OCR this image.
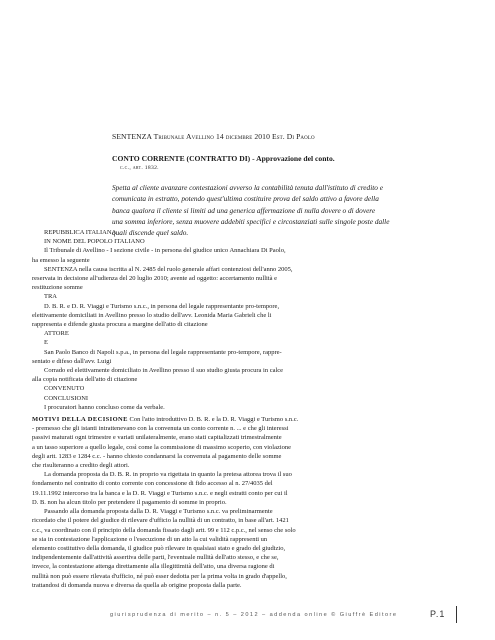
SENTENZA Tribunale Avellino 14 dicembre 2010 Est. Di Paolo
CONTO CORRENTE (CONTRATTO DI) - Approvazione del conto.
c.c., art. 1832.
Spetta al cliente avanzare contestazioni avverso la contabilità tenuta dall'istituto di credito e
comunicata in estratto, potendo quest'ultima costituire prova del saldo attivo a favore della
banca qualora il cliente si limiti ad una generica affermazione di nulla dovere o di dovere
una somma inferiore, senza muovere addebiti specifici e circostanziati sulle singole poste dalle
quali discende quel saldo.
REPUBBLICA ITALIANA
IN NOME DEL POPOLO ITALIANO
Il Tribunale di Avellino - I sezione civile - in persona del giudice unico Annachiara Di Paolo,
ha emesso la seguente
SENTENZA nella causa iscritta al N. 2485 del ruolo generale affari contenziosi dell'anno 2005,
reservata in decisione all'udienza del 20 luglio 2010; avente ad oggetto: accertamento nullità e
restituzione somme
TRA
D. B. R. e D. R. Viaggi e Turismo s.n.c., in persona del legale rappresentante pro-tempore,
elettivamente domiciliati in Avellino presso lo studio dell'avv. Leonida Maria Gabrieli che li
rappresenta e difende giusta procura a margine dell'atto di citazione
ATTORE
E
San Paolo Banco di Napoli s.p.a., in persona del legale rappresentante pro-tempore, rappre-
sentato e difeso dall'avv. Luigi
Corrado ed elettivamente domiciliato in Avellino presso il suo studio giusta procura in calce
alla copia notificata dell'atto di citazione
CONVENUTO
CONCLUSIONI
I procuratori hanno concluso come da verbale.
MOTIVI DELLA DECISIONE Con l'atto introduttivo D. B. R. e la D. R. Viaggi e Turismo s.n.c.
- premesso che gli istanti intrattenevano con la convenuta un conto corrente n. ... e che gli interessi
passivi maturati ogni trimestre e variati unilateralmente, erano stati capitalizzati trimestralmente
a un tasso superiore a quello legale, così come la commissione di massimo scoperto, con violazione
degli artt. 1283 e 1284 c.c. - hanno chiesto condannarsi la convenuta al pagamento delle somme
che risulteranno a credito degli attori.
La domanda proposta da D. B. R. in proprio va rigettata in quanto la pretesa attorea trova il suo
fondamento nel contratto di conto corrente con concessione di fido accesso al n. 27/4035 del
19.11.1992 intercorso tra la banca e la D. R. Viaggi e Turismo s.n.c. e negli estratti conto per cui il
D. B. non ha alcun titolo per pretendere il pagamento di somme in proprio.
Passando alla domanda proposta dalla D. R. Viaggi e Turismo s.n.c. va preliminarmente
ricordato che il potere del giudice di rilevare d'ufficio la nullità di un contratto, in base all'art. 1421
c.c., va coordinato con il principio della domanda fissato dagli artt. 99 e 112 c.p.c., nel senso che solo
se sia in contestazione l'applicazione o l'esecuzione di un atto la cui validità rappresenti un
elemento costitutivo della domanda, il giudice può rilevare in qualsiasi stato e grado del giudizio,
indipendentemente dall'attività assertiva delle parti, l'eventuale nullità dell'atto stesso, e che se,
invece, la contestazione attenga direttamente alla illegittimità dell'atto, una diversa ragione di
nullità non può essere rilevata d'ufficio, né può esser dedotta per la prima volta in grado d'appello,
trattandosi di domanda nuova e diversa da quella ab origine proposta dalla parte.
giurisprudenza di merito – n. 5 – 2012 – addenda online © Giuffrè Editore	P.1
